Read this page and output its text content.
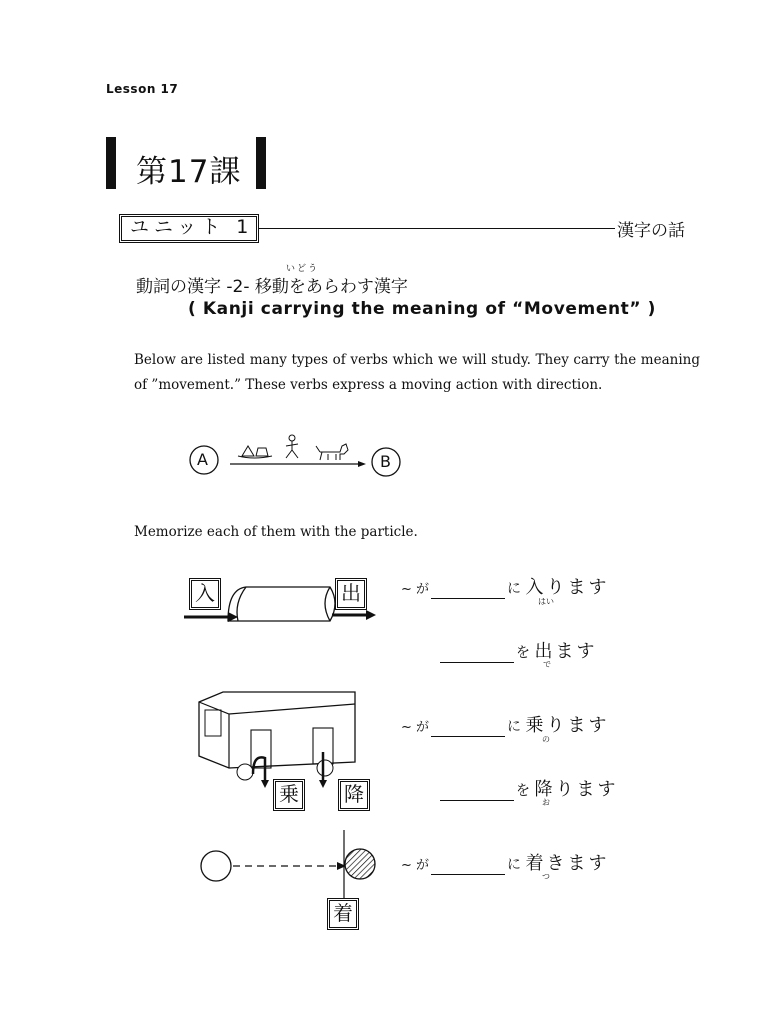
Lesson 17
第17課
ユニット 1	漢字の話
いどう
動詞の漢字 -2- 移動をあらわす漢字
( Kanji carrying the meaning of “Movement” )
Below are listed many types of verbs which we will study. They carry the meaning of ”movement.” These verbs express a moving action with direction.
A	B
Memorize each of them with the particle.
入	出
乗	降
着
~ が	に 入ります
はい
を 出ます
で
~ が	に 乗ります
の
を 降ります
お
~ が	に 着きます
つ
